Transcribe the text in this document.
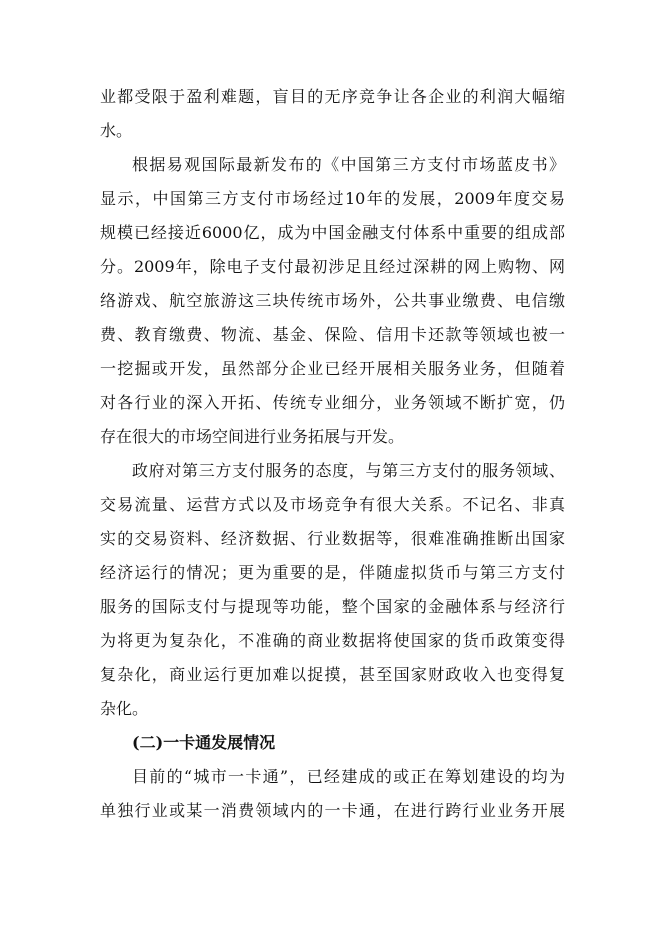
业都受限于盈利难题，盲目的无序竞争让各企业的利润大幅缩
水。
根据易观国际最新发布的《中国第三方支付市场蓝皮书》
显示，中国第三方支付市场经过10年的发展，2009年度交易
规模已经接近6000亿，成为中国金融支付体系中重要的组成部
分。2009年，除电子支付最初涉足且经过深耕的网上购物、网
络游戏、航空旅游这三块传统市场外，公共事业缴费、电信缴
费、教育缴费、物流、基金、保险、信用卡还款等领域也被一
一挖掘或开发，虽然部分企业已经开展相关服务业务，但随着
对各行业的深入开拓、传统专业细分，业务领域不断扩宽，仍
存在很大的市场空间进行业务拓展与开发。
政府对第三方支付服务的态度，与第三方支付的服务领域、
交易流量、运营方式以及市场竞争有很大关系。不记名、非真
实的交易资料、经济数据、行业数据等，很难准确推断出国家
经济运行的情况；更为重要的是，伴随虚拟货币与第三方支付
服务的国际支付与提现等功能，整个国家的金融体系与经济行
为将更为复杂化，不准确的商业数据将使国家的货币政策变得
复杂化，商业运行更加难以捉摸，甚至国家财政收入也变得复
杂化。
(二)一卡通发展情况
目前的“城市一卡通”，已经建成的或正在筹划建设的均为
单独行业或某一消费领域内的一卡通，在进行跨行业业务开展
